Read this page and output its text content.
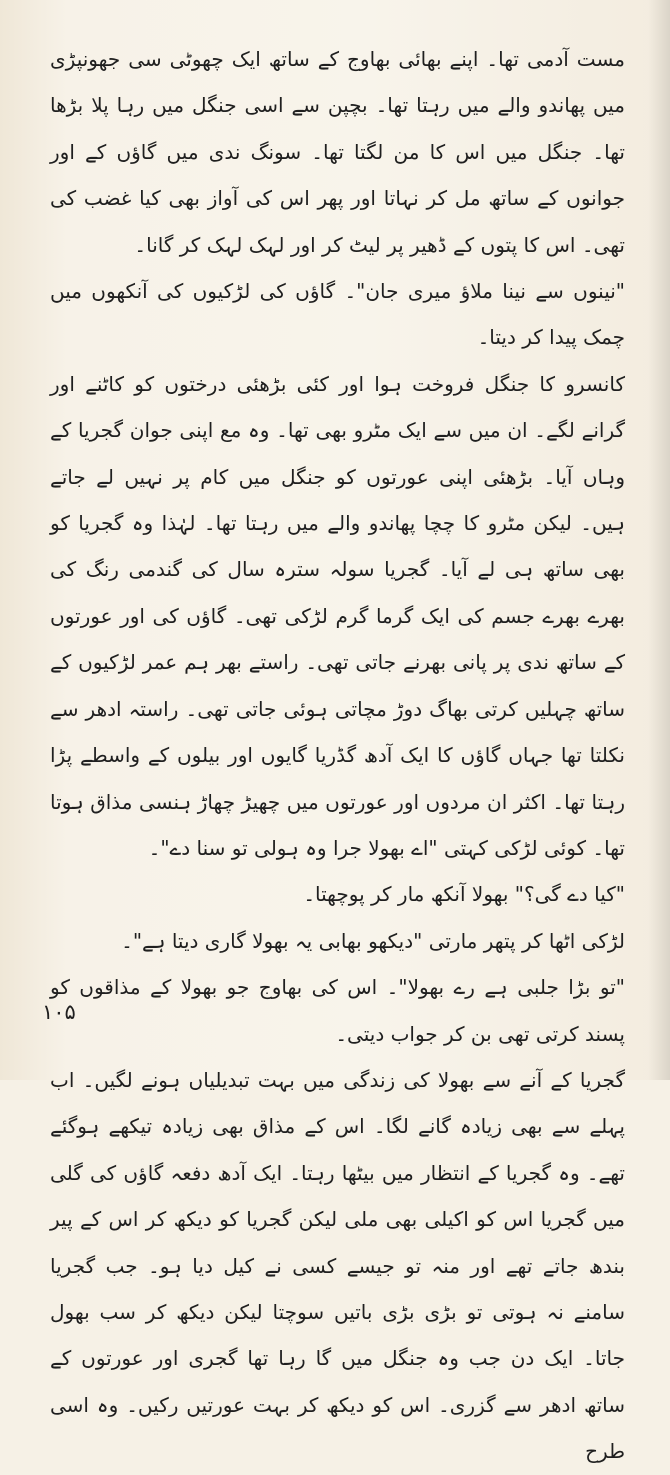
مست آدمی تھا۔ اپنے بھائی بھاوج کے ساتھ ایک چھوٹی سی جھونپڑی میں پھاندو والے میں رہتا تھا۔ بچپن سے اسی جنگل میں رہا پلا بڑھا تھا۔ جنگل میں اس کا من لگتا تھا۔ سونگ ندی میں گاؤں کے اور جوانوں کے ساتھ مل کر نہاتا اور پھر اس کی آواز بھی کیا غضب کی تھی۔ اس کا پتوں کے ڈھیر پر لیٹ کر اور لہک لہک کر گانا۔

"نینوں سے نینا ملاؤ میری جان"۔ گاؤں کی لڑکیوں کی آنکھوں میں چمک پیدا کر دیتا۔

کانسرو کا جنگل فروخت ہوا اور کئی بڑھئی درختوں کو کاٹنے اور گرانے لگے۔ ان میں سے ایک مٹرو بھی تھا۔ وہ مع اپنی جوان گجریا کے وہاں آیا۔ بڑھئی اپنی عورتوں کو جنگل میں کام پر نہیں لے جاتے ہیں۔ لیکن مٹرو کا چچا پھاندو والے میں رہتا تھا۔ لہٰذا وہ گجریا کو بھی ساتھ ہی لے آیا۔ گجریا سولہ سترہ سال کی گندمی رنگ کی بھرے بھرے جسم کی ایک گرما گرم لڑکی تھی۔ گاؤں کی اور عورتوں کے ساتھ ندی پر پانی بھرنے جاتی تھی۔ راستے بھر ہم عمر لڑکیوں کے ساتھ چہلیں کرتی بھاگ دوڑ مچاتی ہوئی جاتی تھی۔ راستہ ادھر سے نکلتا تھا جہاں گاؤں کا ایک آدھ گڈریا گایوں اور بیلوں کے واسطے پڑا رہتا تھا۔ اکثر ان مردوں اور عورتوں میں چھیڑ چھاڑ ہنسی مذاق ہوتا تھا۔ کوئی لڑکی کہتی "اے بھولا جرا وہ ہولی تو سنا دے"۔

"کیا دے گی؟" بھولا آنکھ مار کر پوچھتا۔

لڑکی اٹھا کر پتھر مارتی "دیکھو بھابی یہ بھولا گاری دیتا ہے"۔

"تو بڑا جلبی ہے رے بھولا"۔ اس کی بھاوج جو بھولا کے مذاقوں کو پسند کرتی تھی بن کر جواب دیتی۔

گجریا کے آنے سے بھولا کی زندگی میں بہت تبدیلیاں ہونے لگیں۔ اب پہلے سے بھی زیادہ گانے لگا۔ اس کے مذاق بھی زیادہ تیکھے ہوگئے تھے۔ وہ گجریا کے انتظار میں بیٹھا رہتا۔ ایک آدھ دفعہ گاؤں کی گلی میں گجریا اس کو اکیلی بھی ملی لیکن گجریا کو دیکھ کر اس کے پیر بندھ جاتے تھے اور منہ تو جیسے کسی نے کیل دیا ہو۔ جب گجریا سامنے نہ ہوتی تو بڑی بڑی باتیں سوچتا لیکن دیکھ کر سب بھول جاتا۔ ایک دن جب وہ جنگل میں گا رہا تھا گجری اور عورتوں کے ساتھ ادھر سے گزری۔ اس کو دیکھ کر بہت عورتیں رکیں۔ وہ اسی طرح

۱۰۵
